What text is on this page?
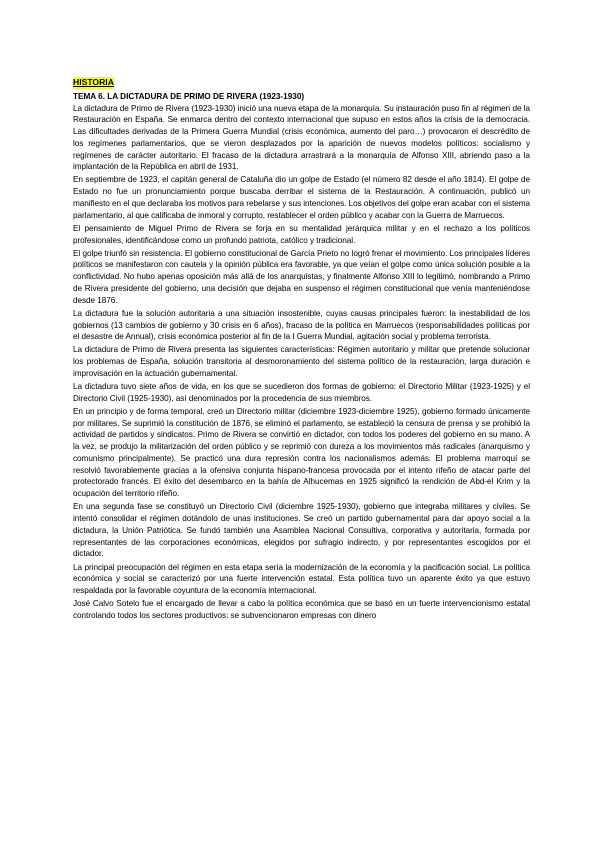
HISTORIA
TEMA 6. LA DICTADURA DE PRIMO DE RIVERA (1923-1930)

La dictadura de Primo de Rivera (1923-1930) inició una nueva etapa de la monarquía. Su instauración puso fin al régimen de la Restauración en España. Se enmarca dentro del contexto internacional que supuso en estos años la crisis de la democracia. Las dificultades derivadas de la Primera Guerra Mundial (crisis económica, aumento del paro…) provocaron el descrédito de los regímenes parlamentarios, que se vieron desplazados por la aparición de nuevos modelos políticos: socialismo y regímenes de carácter autoritario. El fracaso de la dictadura arrastrará a la monarquía de Alfonso XIII, abriendo paso a la implantación de la República en abril de 1931.

En septiembre de 1923, el capitán general de Cataluña dio un golpe de Estado (el número 82 desde el año 1814). El golpe de Estado no fue un pronunciamiento porque buscaba derribar el sistema de la Restauración. A continuación, publicó un manifiesto en el que declaraba los motivos para rebelarse y sus intenciones. Los objetivos del golpe eran acabar con el sistema parlamentario, al que calificaba de inmoral y corrupto, restablecer el orden público y acabar con la Guerra de Marruecos.

El pensamiento de Miguel Primo de Rivera se forja en su mentalidad jerárquica militar y en el rechazo a los políticos profesionales, identificándose como un profundo patriota, católico y tradicional.

El golpe triunfó sin resistencia. El gobierno constitucional de García Prieto no logró frenar el movimiento. Los principales líderes políticos se manifestaron con cautela y la opinión pública era favorable, ya que veían el golpe como única solución posible a la conflictividad. No hubo apenas oposición más allá de los anarquistas, y finalmente Alfonso XIII lo legitimó, nombrando a Primo de Rivera presidente del gobierno, una decisión que dejaba en suspenso el régimen constitucional que venía manteniéndose desde 1876.

La dictadura fue la solución autoritaria a una situación insostenible, cuyas causas principales fueron: la inestabilidad de los gobiernos (13 cambios de gobierno y 30 crisis en 6 años), fracaso de la política en Marruecos (responsabilidades políticas por el desastre de Annual), crisis económica posterior al fin de la I Guerra Mundial, agitación social y problema terrorista.

La dictadura de Primo de Rivera presenta las siguientes características: Régimen autoritario y militar que pretende solucionar los problemas de España, solución transitoria al desmoronamiento del sistema político de la restauración, larga duración e improvisación en la actuación gubernamental.

La dictadura tuvo siete años de vida, en los que se sucedieron dos formas de gobierno: el Directorio Militar (1923-1925) y el Directorio Civil (1925-1930), así denominados por la procedencia de sus miembros.

En un principio y de forma temporal, creó un Directorio militar (diciembre 1923-diciembre 1925), gobierno formado únicamente por militares. Se suprimió la constitución de 1876, se eliminó el parlamento, se estableció la censura de prensa y se prohibió la actividad de partidos y sindicatos. Primo de Rivera se convirtió en dictador, con todos los poderes del gobierno en su mano. A la vez, se produjo la militarización del orden público y se reprimió con dureza a los movimientos más radicales (anarquismo y comunismo principalmente). Se practicó una dura represión contra los nacionalismos además. El problema marroquí se resolvió favorablemente gracias a la ofensiva conjunta hispano-francesa provocada por el intento rifeño de atacar parte del protectorado francés. El éxito del desembarco en la bahía de Alhucemas en 1925 significó la rendición de Abd-el Krim y la ocupación del territorio rifeño.

En una segunda fase se constituyó un Directorio Civil (diciembre 1925-1930), gobierno que integraba militares y civiles. Se intentó consolidar el régimen dotándolo de unas instituciones. Se creó un partido gubernamental para dar apoyo social a la dictadura, la Unión Patriótica. Se fundó también una Asamblea Nacional Consultiva, corporativa y autoritaria, formada por representantes de las corporaciones económicas, elegidos por sufragio indirecto, y por representantes escogidos por el dictador.

La principal preocupación del régimen en esta etapa sería la modernización de la economía y la pacificación social. La política económica y social se caracterizó por una fuerte intervención estatal. Esta política tuvo un aparente éxito ya que estuvo respaldada por la favorable coyuntura de la economía internacional.

José Calvo Sotelo fue el encargado de llevar a cabo la política económica que se basó en un fuerte intervencionismo estatal controlando todos los sectores productivos: se subvencionaron empresas con dinero
